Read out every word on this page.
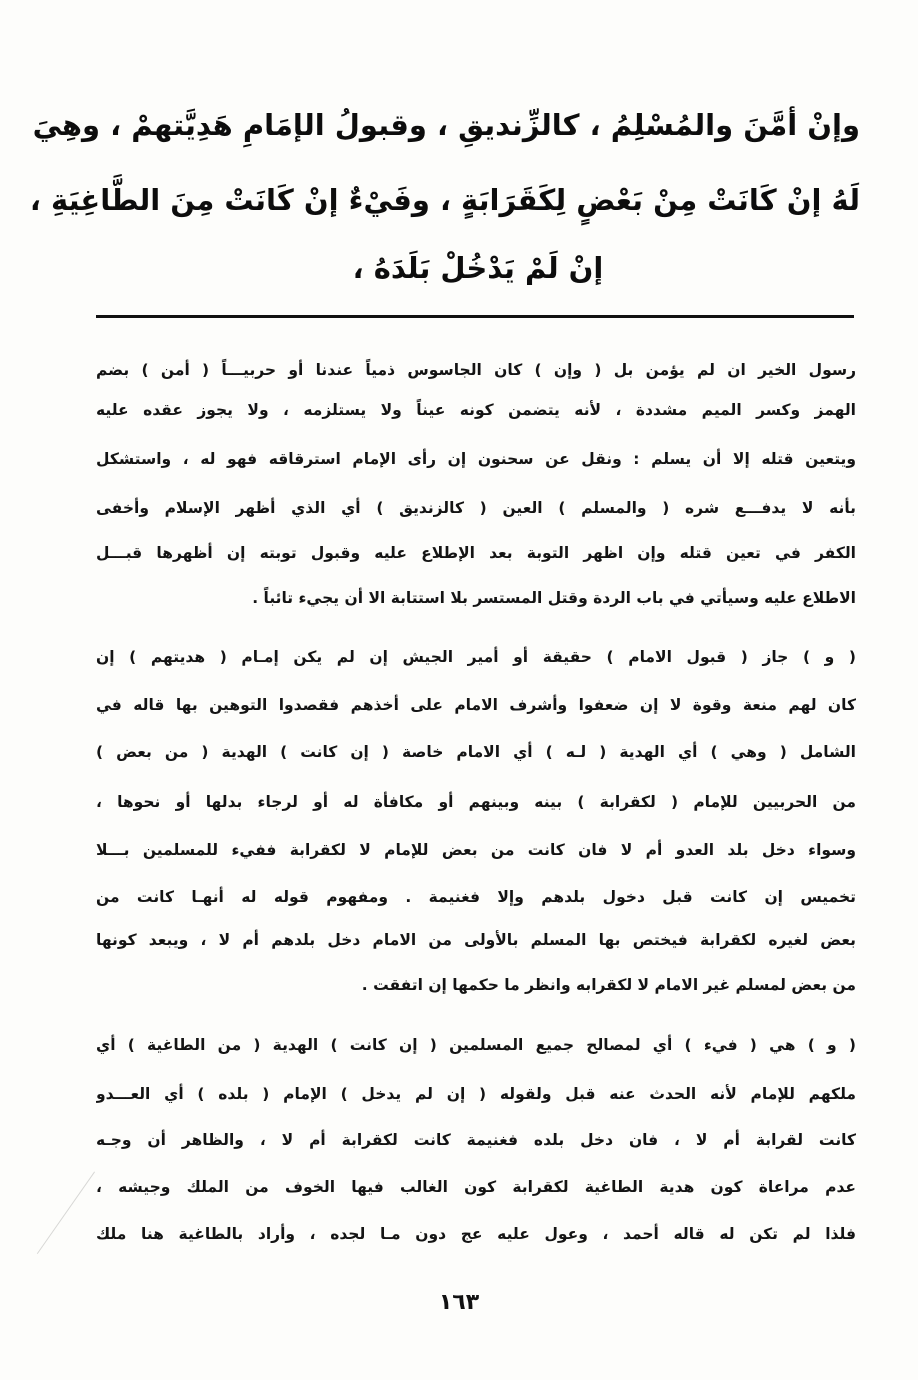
وإنْ أمَّنَ والمُسْلِمُ ، كالزِّنديقِ ، وقبولُ الإمَامِ هَدِيَّتهمْ ، وهِيَ
لَهُ إنْ كَانَتْ مِنْ بَعْضٍ لِكَقَرَابَةٍ ، وفَيْءٌ إنْ كَانَتْ مِنَ الطَّاغِيَةِ ،
إنْ لَمْ يَدْخُلْ بَلَدَهُ ،
رسول الخير ان لم يؤمن بل ( وإن ) كان الجاسوس ذمياً عندنا أو حربيـــاً ( أمن ) بضم
الهمز وكسر الميم مشددة ، لأنه يتضمن كونه عيناً ولا يستلزمه ، ولا يجوز عقده عليه
ويتعين قتله إلا أن يسلم : ونقل عن سحنون إن رأى الإمام استرقاقه فهو له ، واستشكل
بأنه لا يدفـــع شره ( والمسلم ) العين ( كالزنديق ) أي الذي أظهر الإسلام وأخفى
الكفر في تعين قتله وإن اظهر التوبة بعد الإطلاع عليه وقبول توبته إن أظهرها قبـــل
الاطلاع عليه وسيأتي في باب الردة وقتل المستسر بلا استتابة الا أن يجيء تائباً .
( و ) جاز ( قبول الامام ) حقيقة أو أمير الجيش إن لم يكن إمـام ( هديتهم ) إن
كان لهم منعة وقوة لا إن ضعفوا وأشرف الامام على أخذهم فقصدوا التوهين بها قاله في
الشامل ( وهي ) أي الهدية ( لـه ) أي الامام خاصة ( إن كانت ) الهدية ( من بعض )
من الحربيين للإمام ( لكقرابة ) بينه وبينهم أو مكافأة له أو لرجاء بدلها أو نحوها ،
وسواء دخل بلد العدو أم لا فان كانت من بعض للإمام لا لكقرابة ففيء للمسلمين بـــلا
تخميس إن كانت قبل دخول بلدهم وإلا فغنيمة . ومفهوم قوله له أنهـا كانت من
بعض لغيره لكقرابة فيختص بها المسلم بالأولى من الامام دخل بلدهم أم لا ، ويبعد كونها
من بعض لمسلم غير الامام لا لكقرابه وانظر ما حكمها إن اتفقت .
( و ) هي ( فيء ) أي لمصالح جميع المسلمين ( إن كانت ) الهدية ( من الطاغية ) أي
ملكهم للإمام لأنه الحدث عنه قبل ولقوله ( إن لم يدخل ) الإمام ( بلده ) أي العـــدو
كانت لقرابة أم لا ، فان دخل بلده فغنيمة كانت لكقرابة أم لا ، والظاهر أن وجـه
عدم مراعاة كون هدية الطاغية لكقرابة كون الغالب فيها الخوف من الملك وجيشه ،
فلذا لم تكن له قاله أحمد ، وعول عليه عج دون مـا لجده ، وأراد بالطاغية هنا ملك
١٦٣
